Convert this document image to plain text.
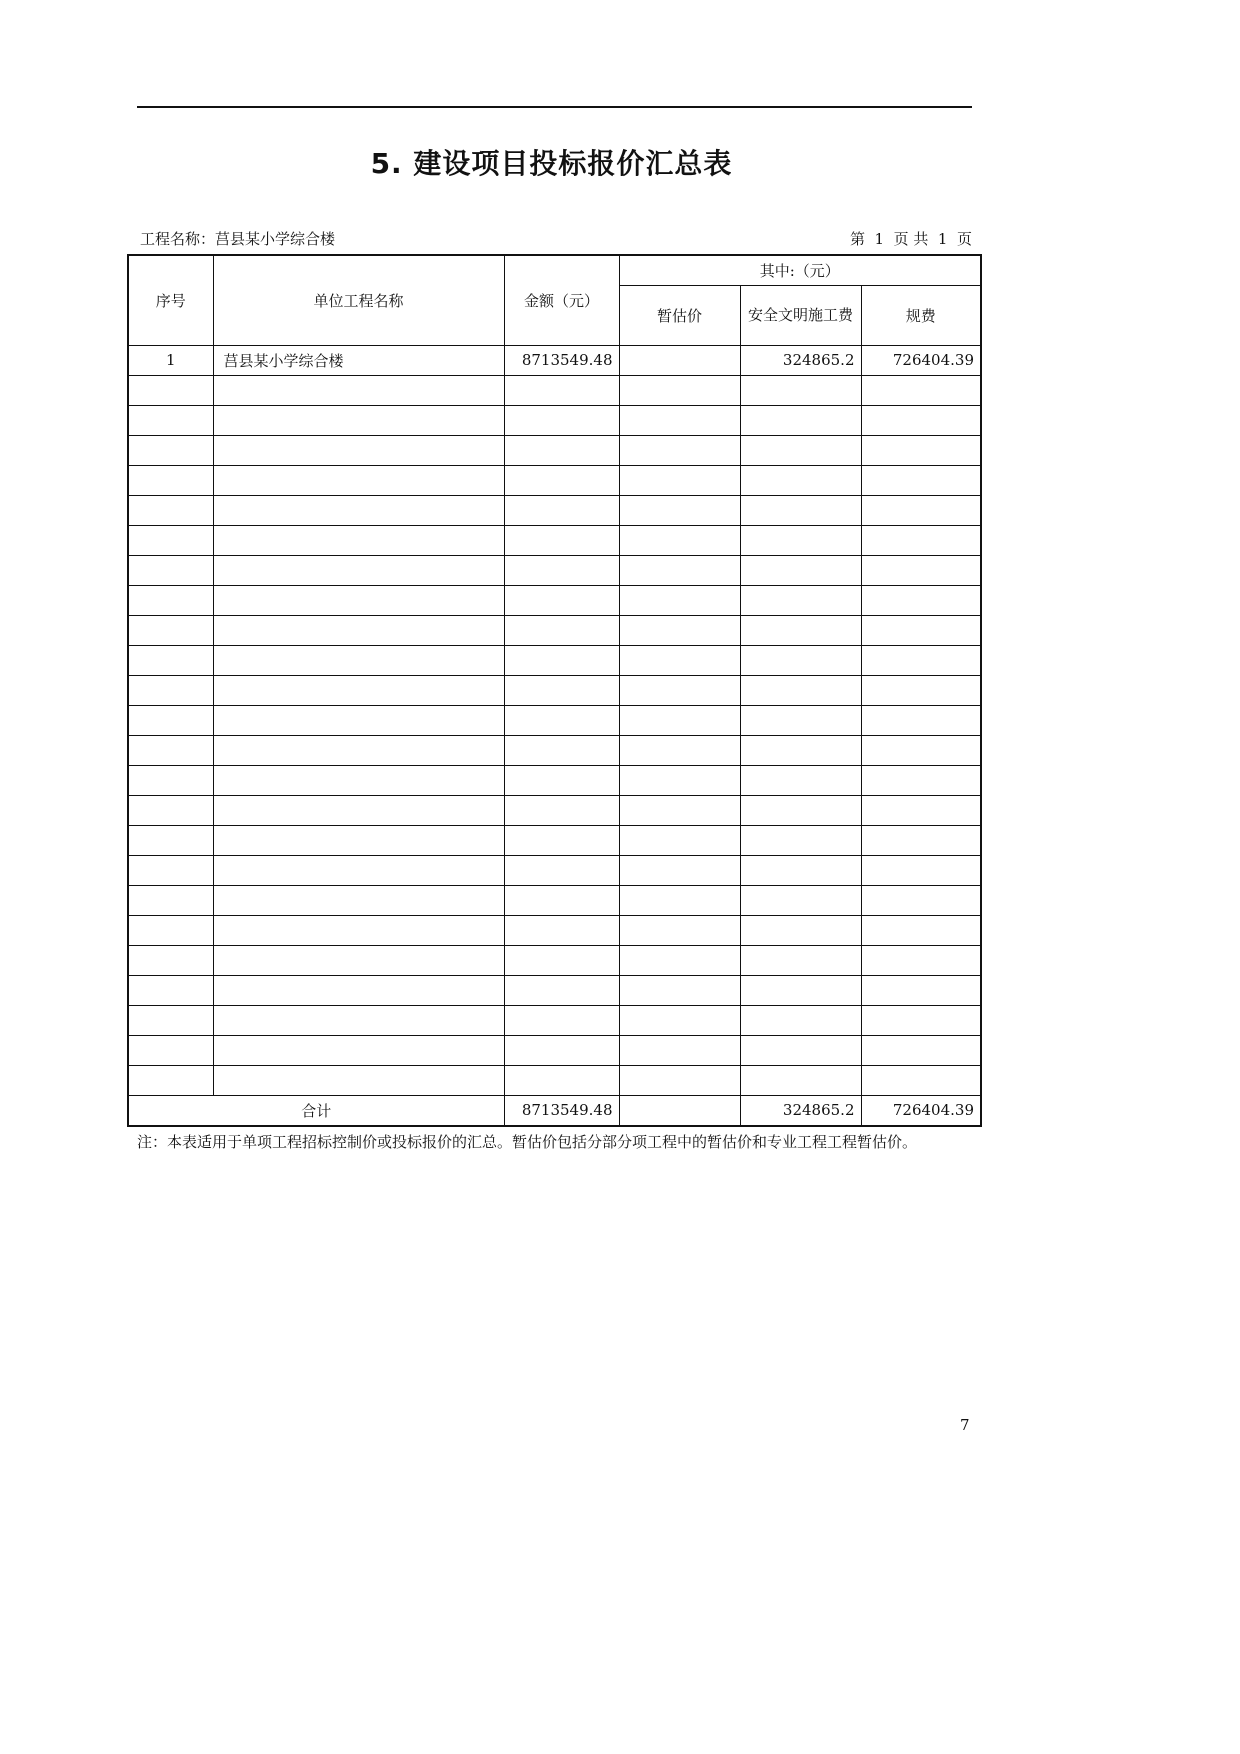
5. 建设项目投标报价汇总表
工程名称：莒县某小学综合楼	第  1  页 共  1  页
序号	单位工程名称	金额（元）	其中:（元）		
			暂估价	安全文明施工费	规费
1	莒县某小学综合楼	8713549.48		324865.2	726404.39

合计		8713549.48		324865.2	726404.39
注：本表适用于单项工程招标控制价或投标报价的汇总。暂估价包括分部分项工程中的暂估价和专业工程工程暂估价。
7
